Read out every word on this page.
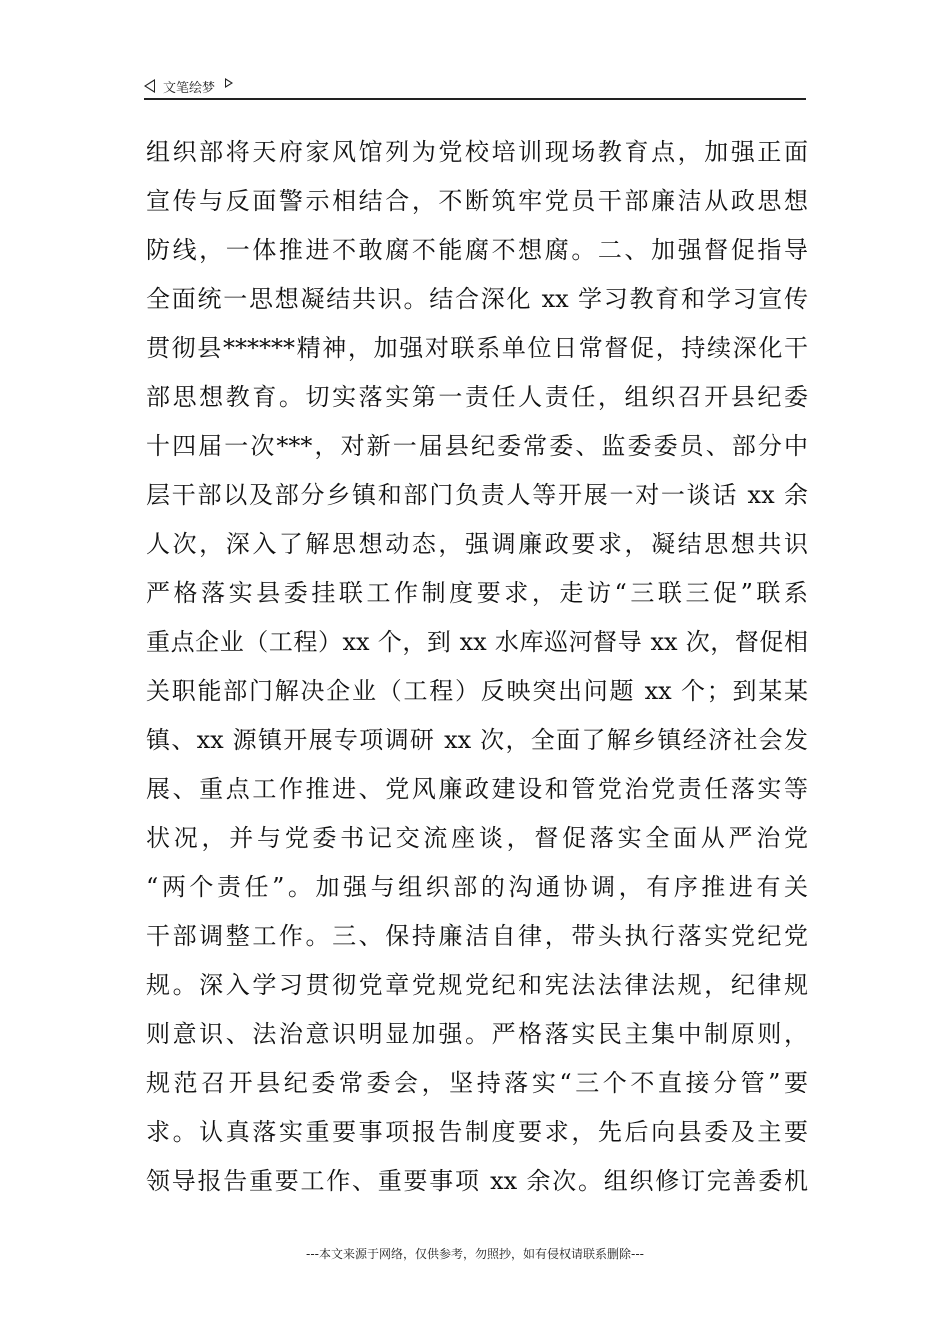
文笔绘梦
组织部将天府家风馆列为党校培训现场教育点，加强正面
宣传与反面警示相结合，不断筑牢党员干部廉洁从政思想
防线，一体推进不敢腐不能腐不想腐。二、加强督促指导
全面统一思想凝结共识。结合深化 xx 学习教育和学习宣传
贯彻县******精神，加强对联系单位日常督促，持续深化干
部思想教育。切实落实第一责任人责任，组织召开县纪委
十四届一次***，对新一届县纪委常委、监委委员、部分中
层干部以及部分乡镇和部门负责人等开展一对一谈话 xx 余
人次，深入了解思想动态，强调廉政要求，凝结思想共识
严格落实县委挂联工作制度要求，走访“三联三促”联系
重点企业（工程）xx 个，到 xx 水库巡河督导 xx 次，督促相
关职能部门解决企业（工程）反映突出问题 xx 个；到某某
镇、xx 源镇开展专项调研 xx 次，全面了解乡镇经济社会发
展、重点工作推进、党风廉政建设和管党治党责任落实等
状况，并与党委书记交流座谈，督促落实全面从严治党
“两个责任”。加强与组织部的沟通协调，有序推进有关
干部调整工作。三、保持廉洁自律，带头执行落实党纪党
规。深入学习贯彻党章党规党纪和宪法法律法规，纪律规
则意识、法治意识明显加强。严格落实民主集中制原则，
规范召开县纪委常委会，坚持落实“三个不直接分管”要
求。认真落实重要事项报告制度要求，先后向县委及主要
领导报告重要工作、重要事项 xx 余次。组织修订完善委机
---本文来源于网络，仅供参考，勿照抄，如有侵权请联系删除---
